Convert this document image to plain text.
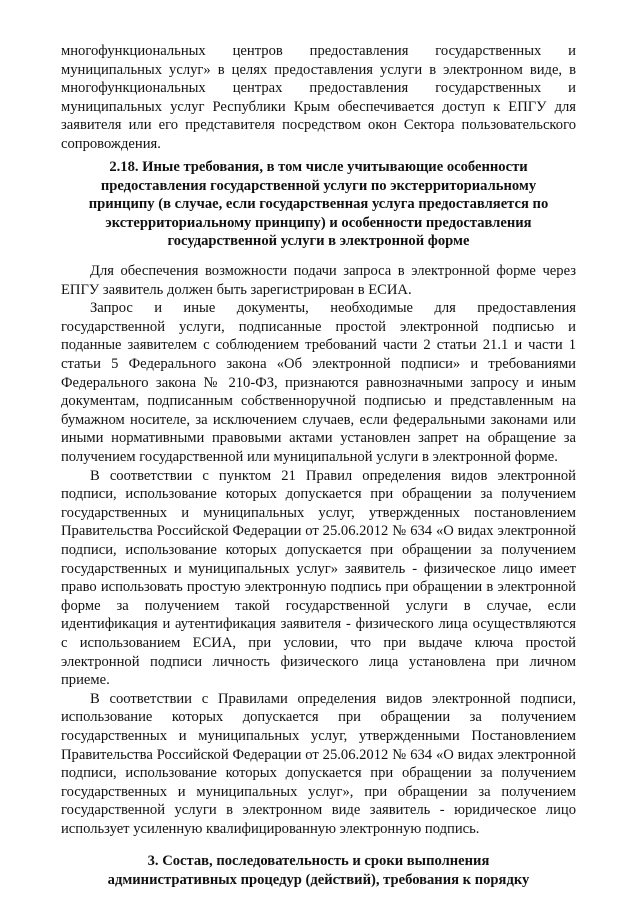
многофункциональных центров предоставления государственных и
муниципальных услуг» в целях предоставления услуги в электронном виде, в
многофункциональных центрах предоставления государственных и
муниципальных услуг Республики Крым обеспечивается доступ к ЕПГУ для
заявителя или его представителя посредством окон Сектора пользовательского
сопровождения.
2.18. Иные требования, в том числе учитывающие особенности
предоставления государственной услуги по экстерриториальному
принципу (в случае, если государственная услуга предоставляется по
экстерриториальному принципу) и особенности предоставления
государственной услуги в электронной форме
Для обеспечения возможности подачи запроса в электронной форме через
ЕПГУ заявитель должен быть зарегистрирован в ЕСИА.
Запрос и иные документы, необходимые для предоставления
государственной услуги, подписанные простой электронной подписью и
поданные заявителем с соблюдением требований части 2 статьи 21.1 и части 1
статьи 5 Федерального закона «Об электронной подписи» и требованиями
Федерального закона № 210-ФЗ, признаются равнозначными запросу и иным
документам, подписанным собственноручной подписью и представленным на
бумажном носителе, за исключением случаев, если федеральными законами или
иными нормативными правовыми актами установлен запрет на обращение за
получением государственной или муниципальной услуги в электронной форме.
В соответствии с пунктом 21 Правил определения видов электронной
подписи, использование которых допускается при обращении за получением
государственных и муниципальных услуг, утвержденных постановлением
Правительства Российской Федерации от 25.06.2012 № 634 «О видах электронной
подписи, использование которых допускается при обращении за получением
государственных и муниципальных услуг» заявитель - физическое лицо имеет
право использовать простую электронную подпись при обращении в электронной
форме за получением такой государственной услуги в случае, если
идентификация и аутентификация заявителя - физического лица осуществляются
с использованием ЕСИА, при условии, что при выдаче ключа простой
электронной подписи личность физического лица установлена при личном
приеме.
В соответствии с Правилами определения видов электронной подписи,
использование которых допускается при обращении за получением
государственных и муниципальных услуг, утвержденными Постановлением
Правительства Российской Федерации от 25.06.2012 № 634 «О видах электронной
подписи, использование которых допускается при обращении за получением
государственных и муниципальных услуг», при обращении за получением
государственной услуги в электронном виде заявитель - юридическое лицо
использует усиленную квалифицированную электронную подпись.
3. Состав, последовательность и сроки выполнения
административных процедур (действий), требования к порядку
